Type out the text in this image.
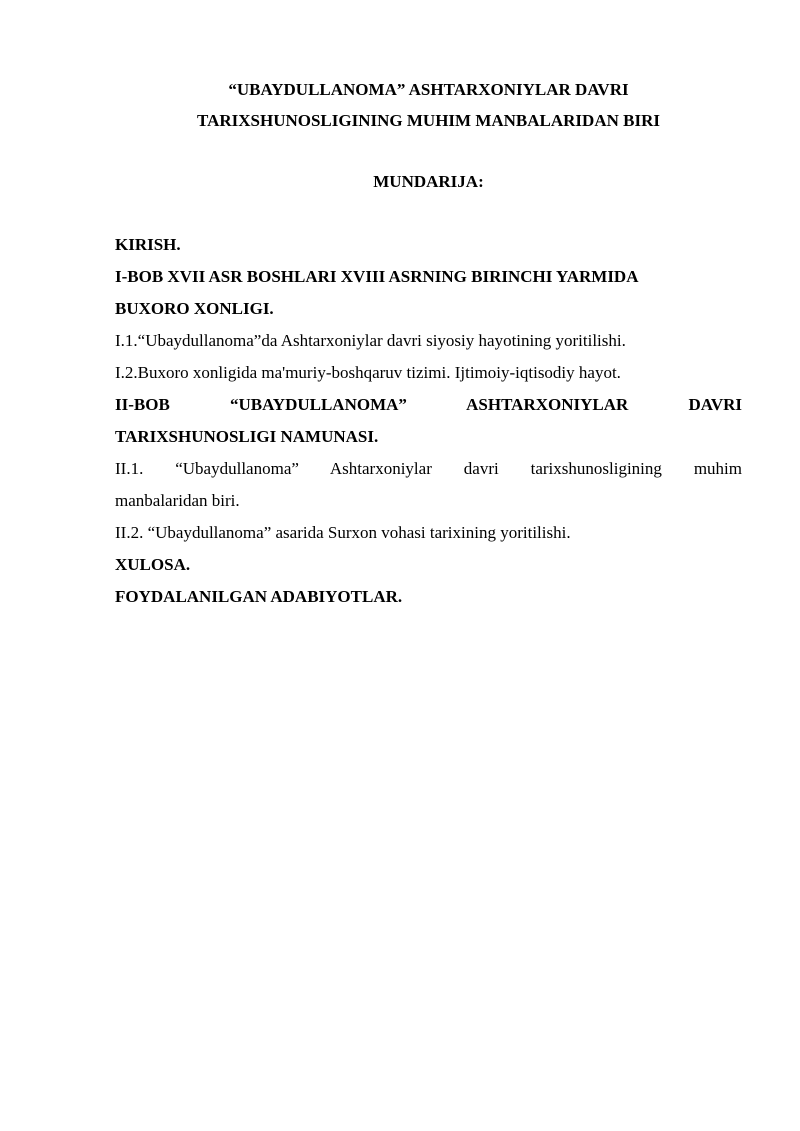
“UBAYDULLANOMA” ASHTARXONIYLAR DAVRI
TARIXSHUNOSLIGINING MUHIM MANBALARIDAN BIRI
MUNDARIJA:
KIRISH.
I-BOB XVII ASR BOSHLARI XVIII ASRNING BIRINCHI YARMIDA
BUXORO XONLIGI.
I.1.“Ubaydullanoma”da Ashtarxoniylar davri siyosiy hayotining yoritilishi.
I.2.Buxoro xonligida ma'muriy-boshqaruv tizimi. Ijtimoiy-iqtisodiy hayot.
II-BOB “UBAYDULLANOMA” ASHTARXONIYLAR DAVRI
TARIXSHUNOSLIGI NAMUNASI.
II.1. “Ubaydullanoma” Ashtarxoniylar davri tarixshunosligining muhim
manbalaridan biri.
II.2. “Ubaydullanoma” asarida Surxon vohasi tarixining yoritilishi.
XULOSA.
FOYDALANILGAN ADABIYOTLAR.
